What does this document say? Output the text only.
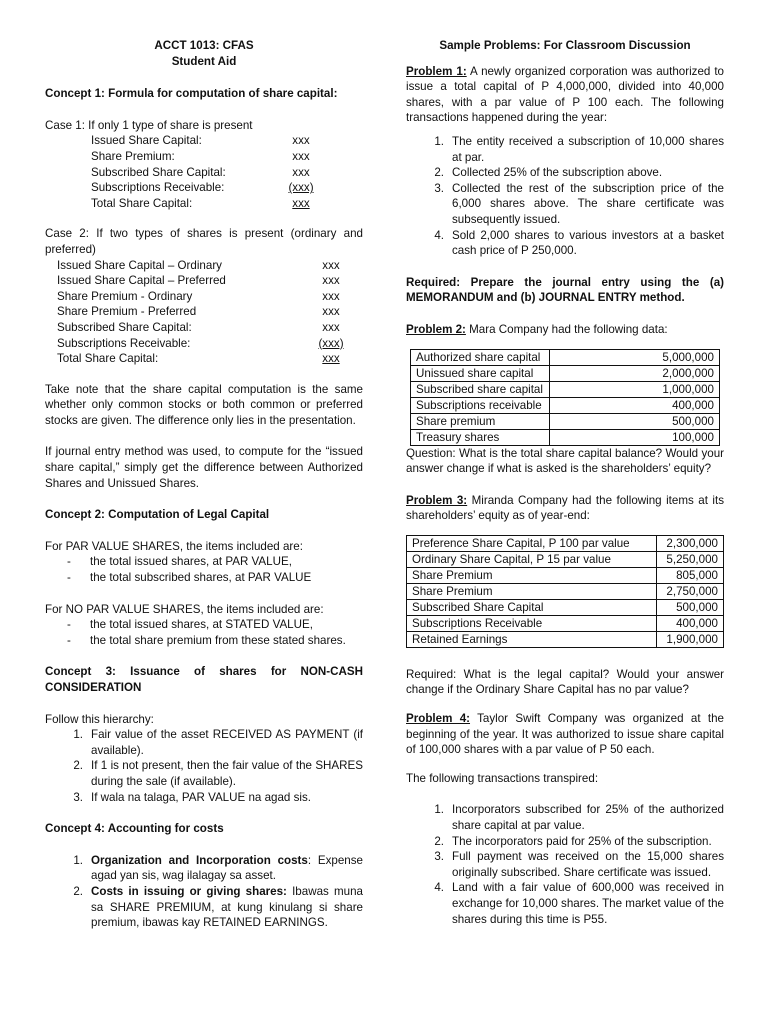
ACCT 1013: CFAS

Student Aid

Concept 1: Formula for computation of share capital:

Case 1: If only 1 type of share is present

Issued Share Capital:	xxx
Share Premium:	xxx
Subscribed Share Capital:	xxx
Subscriptions Receivable:	(xxx)
Total Share Capital:	xxx

Case 2: If two types of shares is present (ordinary and preferred)

Issued Share Capital – Ordinary	xxx
Issued Share Capital – Preferred	xxx
Share Premium - Ordinary	xxx
Share Premium - Preferred	xxx
Subscribed Share Capital:	xxx
Subscriptions Receivable:	(xxx)
Total Share Capital:	xxx

Take note that the share capital computation is the same whether only common stocks or both common or preferred stocks are given. The difference only lies in the presentation.

If journal entry method was used, to compute for the “issued share capital,” simply get the difference between Authorized Shares and Unissued Shares.

Concept 2: Computation of Legal Capital

For PAR VALUE SHARES, the items included are:

-	the total issued shares, at PAR VALUE,
-	the total subscribed shares, at PAR VALUE

For NO PAR VALUE SHARES, the items included are:

-	the total issued shares, at STATED VALUE,
-	the total share premium from these stated shares.

Concept 3: Issuance of shares for NON-CASH CONSIDERATION

Follow this hierarchy:

1. Fair value of the asset RECEIVED AS PAYMENT (if available).
2. If 1 is not present, then the fair value of the SHARES during the sale (if available).
3. If wala na talaga, PAR VALUE na agad sis.

Concept 4: Accounting for costs

1. Organization and Incorporation costs: Expense agad yan sis, wag ilalagay sa asset.
2. Costs in issuing or giving shares: Ibawas muna sa SHARE PREMIUM, at kung kinulang si share premium, ibawas kay RETAINED EARNINGS.

Sample Problems: For Classroom Discussion

Problem 1: A newly organized corporation was authorized to issue a total capital of P 4,000,000, divided into 40,000 shares, with a par value of P 100 each. The following transactions happened during the year:

1. The entity received a subscription of 10,000 shares at par.
2. Collected 25% of the subscription above.
3. Collected the rest of the subscription price of the 6,000 shares above. The share certificate was subsequently issued.
4. Sold 2,000 shares to various investors at a basket cash price of P 250,000.

Required: Prepare the journal entry using the (a) MEMORANDUM and (b) JOURNAL ENTRY method.

Problem 2: Mara Company had the following data:

Authorized share capital	5,000,000
Unissued share capital	2,000,000
Subscribed share capital	1,000,000
Subscriptions receivable	400,000
Share premium	500,000
Treasury shares	100,000

Question: What is the total share capital balance? Would your answer change if what is asked is the shareholders’ equity?

Problem 3: Miranda Company had the following items at its shareholders’ equity as of year-end:

Preference Share Capital, P 100 par value	2,300,000
Ordinary Share Capital, P 15 par value	5,250,000
Share Premium	805,000
Share Premium	2,750,000
Subscribed Share Capital	500,000
Subscriptions Receivable	400,000
Retained Earnings	1,900,000

Required: What is the legal capital? Would your answer change if the Ordinary Share Capital has no par value?

Problem 4: Taylor Swift Company was organized at the beginning of the year. It was authorized to issue share capital of 100,000 shares with a par value of P 50 each.

The following transactions transpired:

1. Incorporators subscribed for 25% of the authorized share capital at par value.
2. The incorporators paid for 25% of the subscription.
3. Full payment was received on the 15,000 shares originally subscribed. Share certificate was issued.
4. Land with a fair value of 600,000 was received in exchange for 10,000 shares. The market value of the shares during this time is P55.
